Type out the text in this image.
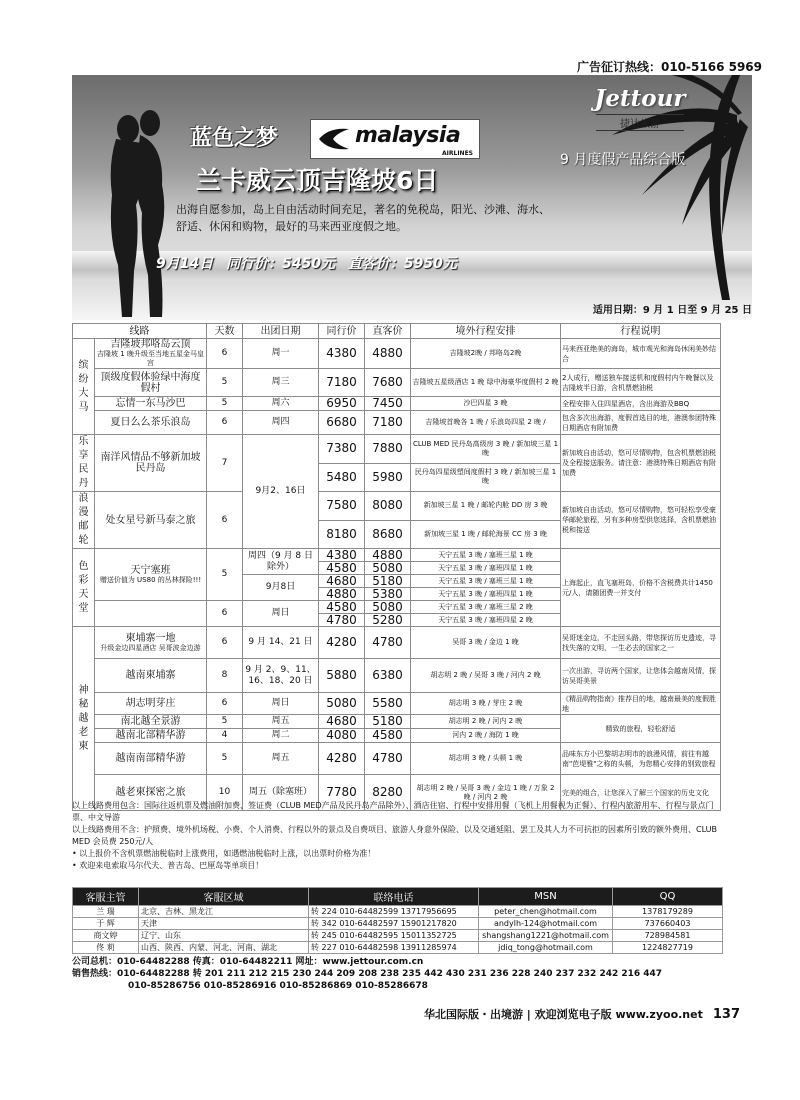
广告征订热线：010-5166 5969
Jettour
捷达旅游
蓝色之梦	malaysia
AIRLINES
兰卡威云顶吉隆坡6日
9 月度假产品综合版
出海自愿参加，岛上自由活动时间充足，著名的免税岛，阳光、沙滩、海水、舒适、休闲和购物，最好的马来西亚度假之地。
9月14日 同行价：5450元 直客价：5950元
适用日期：9 月 1 日至 9 月 25 日
线路		天数	出团日期	同行价	直客价	境外行程安排	行程说明
缤纷大马	吉隆坡邦咯岛云顶
吉隆坡 1 晚升级至当地五星金马皇宫	6	周一	4380	4880	吉隆坡2晚 / 邦咯岛2晚	马来西亚绝美的海岛，城市观光和海岛休闲美妙结合
	顶级度假体验绿中海度假村	5	周三	7180	7680	吉隆坡五星级酒店 1 晚 绿中海豪华度假村 2 晚	2人成行，赠送独车接送机和度假村内午晚餐以及吉隆坡半日游，含机票燃油税
	忘情一东马沙巴	5	周六	6950	7450	沙巴四星 3 晚	全程安排入住四星酒店，含出海游及BBQ
	夏日么么茶乐浪岛	6	周四	6680	7180	吉隆坡首晚各 1 晚 / 乐浪岛四星 2 晚 /	包含多次出海游，度假首选目的地，港澳参团特殊日期酒店有附加费
乐享民丹	南洋风情品不够新加坡民丹岛	7	9月2、16日	7380	7880	CLUB MED 民丹岛高级房 3 晚 / 新加坡三星 1 晚	新加坡自由活动，悠可尽情购物，包含机票燃油税及全程接送服务。请注意：港澳特殊日期酒店有附加费
				5480	5980	民丹岛四星级塑间度假村 3 晚 / 新加坡三星 1 晚	
浪漫邮轮	处女星号新马泰之旅	6		7580	8080	新加坡三星 1 晚 / 邮轮内舱 DD 房 3 晚	新加坡自由活动，悠可尽情购物，悠可轻松享受豪华邮轮旅程，另有多种房型供您选择，含机票燃油税和接送
				8180	8680	新加坡三星 1 晚 / 邮轮海景 CC 房 3 晚	
色彩天堂	天宁塞班
赠送价值为 US80 的丛林探险!!!	5	周四（9 月 8 日除外）	4380	4880	天宁五星 3 晚 / 塞班三星 1 晚	上海起止，直飞塞班岛，价格不含税费共计1450元/人，请随团费一并支付
				4580	5080	天宁五星 3 晚 / 塞班四星 1 晚	
			9月8日	4680	5180	天宁五星 3 晚 / 塞班三星 1 晚	
				4880	5380	天宁五星 3 晚 / 塞班四星 1 晚	
		6	周日	4580	5080	天宁五星 3 晚 / 塞班三星 2 晚	
				4780	5280	天宁五星 3 晚 / 塞班四星 2 晚	
神秘越老柬	柬埔寨一地
升级金边四星酒店 吴哥波金边游	6	9 月 14、21 日	4280	4780	吴哥 3 晚 / 金边 1 晚	吴哥迷金边，不走回头路，带您探访历史遗迹，寻找失落的文明，一生必去的国家之一
	越南柬埔寨	8	9 月 2、9、11、16、18、20 日	5880	6380	胡志明 2 晚 / 吴哥 3 晚 / 河内 2 晚	一次出游，寻访两个国家，让您体会越南风情，探访吴哥美景
	胡志明芽庄	6	周日	5080	5580	胡志明 3 晚 / 芽庄 2 晚	《精品购物指南》推荐目的地，越南最美的度假胜地
	南北越全景游	5	周五	4680	5180	胡志明 2 晚 / 河内 2 晚	精致的旅程，轻松舒适
	越南北部精华游	4	周二	4080	4580	河内 2 晚 / 海防 1 晚	
	越南南部精华游	5	周五	4280	4780	胡志明 3 晚 / 头顿 1 晚	品味东方小巴黎胡志明市的浪漫风情，前往有越南"芭堤雅"之称的头顿，为您精心安排的别致旅程
	越老柬探密之旅	10	周五（除塞班）	7780	8280	胡志明 2 晚 / 吴哥 3 晚 / 金边 1 晚 / 万象 2 晚 / 河内 2 晚	完美的组合，让您深入了解三个国家的历史文化

以上线路费用包含：国际往返机票及燃油附加费、签证费（CLUB MED产品及民丹岛产品除外）、酒店住宿、行程中安排用餐（飞机上用餐视为正餐）、行程内旅游用车、行程与景点门票、中文导游

以上线路费用不含：护照费、境外机场税、小费、个人消费、行程以外的景点及自费项目、旅游人身意外保险、以及交通延阻、罢工及其人力不可抗拒的因素所引致的额外费用、CLUB MED 会员费 250元/人

• 以上报价不含机票燃油税临时上涨费用，如遇燃油税临时上涨，以出票时价格为准！

• 欢迎来电索取马尔代夫、普吉岛、巴厘岛等单项目！

客服主管	客服区域	联络电话	MSN	QQ
兰 瑞	北京、吉林、黑龙江	转 224 010-64482599 13717956695	peter_chen@hotmail.com	1378179289
于 辉	天津	转 342 010-64482597 15901217820	andylh-124@hotmail.com	737660403
商文婷	辽宁、山东	转 245 010-64482595 15011352725	shangshang1221@hotmail.com	728984581
佟 莉	山西、陕西、内蒙、河北、河南、湖北	转 227 010-64482598 13911285974	jdiq_tong@hotmail.com	1224827719
公司总机：010-64482288 传真：010-64482211 网址：www.jettour.com.cn
销售热线：010-64482288 转 201 211 212 215 230 244 209 208 238 235 442 430 231 236 228 240 237 232 242 216 447
010-85286756 010-85286916 010-85286869 010-85286678
华北国际版・出境游 | 欢迎浏览电子版 www.zyoo.net 137
